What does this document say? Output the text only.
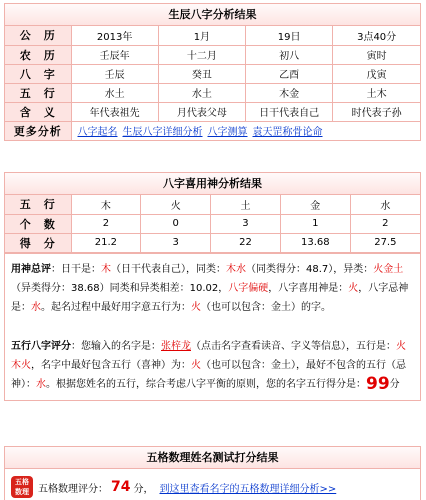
生辰八字分析结果
公　历	2013年	1月	19日	3点40分
农　历	壬辰年	十二月	初八	寅时
八　字	壬辰	癸丑	乙酉	戊寅
五　行	水土	水土	木金	土木
含　义	年代表祖先	月代表父母	日干代表自己	时代表子孙
更多分析	八字起名 生辰八字详细分析 八字测算 袁天罡称骨论命			
八字喜用神分析结果
五　行	木	火	土	金	水
个　数	2	0	3	1	2
得　分	21.2	3	22	13.68	27.5
用神总评：日干是：木（日干代表自己），同类：木水（同类得分：48.7），异类：火金土（异类得分：38.68）同类和异类相差：10.02，八字偏硬，八字喜用神是：火，八字忌神是：水。起名过程中最好用字意五行为：火（也可以包含：金土）的字。
五行八字评分：您输入的名字是：张梓龙（点击名字查看读音、字义等信息），五行是：火木火，名字中最好包含五行（喜神）为：火（也可以包含：金土），最好不包含的五行（忌神）：水。根据您姓名的五行，综合考虑八字平衡的原则，您的名字五行得分是：99分
五格数理姓名测试打分结果
五格
数理 五格数理评分： 74 分， 到这里查看名字的五格数理详细分析>>
